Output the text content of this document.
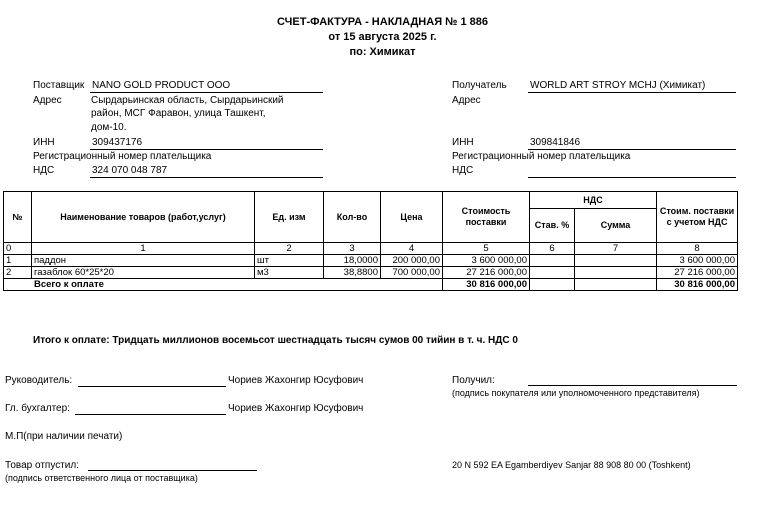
СЧЕТ-ФАКТУРА - НАКЛАДНАЯ № 1 886
от 15 августа 2025 г.
по: Химикат
Поставщик NANO GOLD PRODUCT OOO
Адрес	Сырдарьинская область, Сырдарьинский
район, МСГ Фаравон, улица Ташкент,
дом-10.
ИНН	309437176
Регистрационный номер плательщика
НДС	324 070 048 787
Получатель WORLD ART STROY MCHJ (Химикат)
Адрес
ИНН	309841846
Регистрационный номер плательщика
НДС
№	Наименование товаров (работ,услуг)	Ед. изм	Кол-во	Цена	Стоимость поставки	НДС		Стоим. поставки с учетом НДС
						Став. %	Сумма	
0	1	2	3	4	5	6	7	8
1	паддон	шт	18,0000	200 000,00	3 600 000,00			3 600 000,00
2	газаблок 60*25*20	м3	38,8800	700 000,00	27 216 000,00			27 216 000,00
Всего к оплате					30 816 000,00			30 816 000,00
Итого к оплате: Тридцать миллионов восемьсот шестнадцать тысяч сумов 00 тийин в т. ч. НДС 0
Руководитель:	Чориев Жахонгир Юсуфович
Гл. бухгалтер:	Чориев Жахонгир Юсуфович
М.П(при наличии печати)
Товар отпустил:
(подпись ответственного лица от поставщика)
Получил:
(подпись покупателя или уполномоченного представителя)
20 N 592 EA Egamberdiyev Sanjar 88 908 80 00 (Toshkent)
